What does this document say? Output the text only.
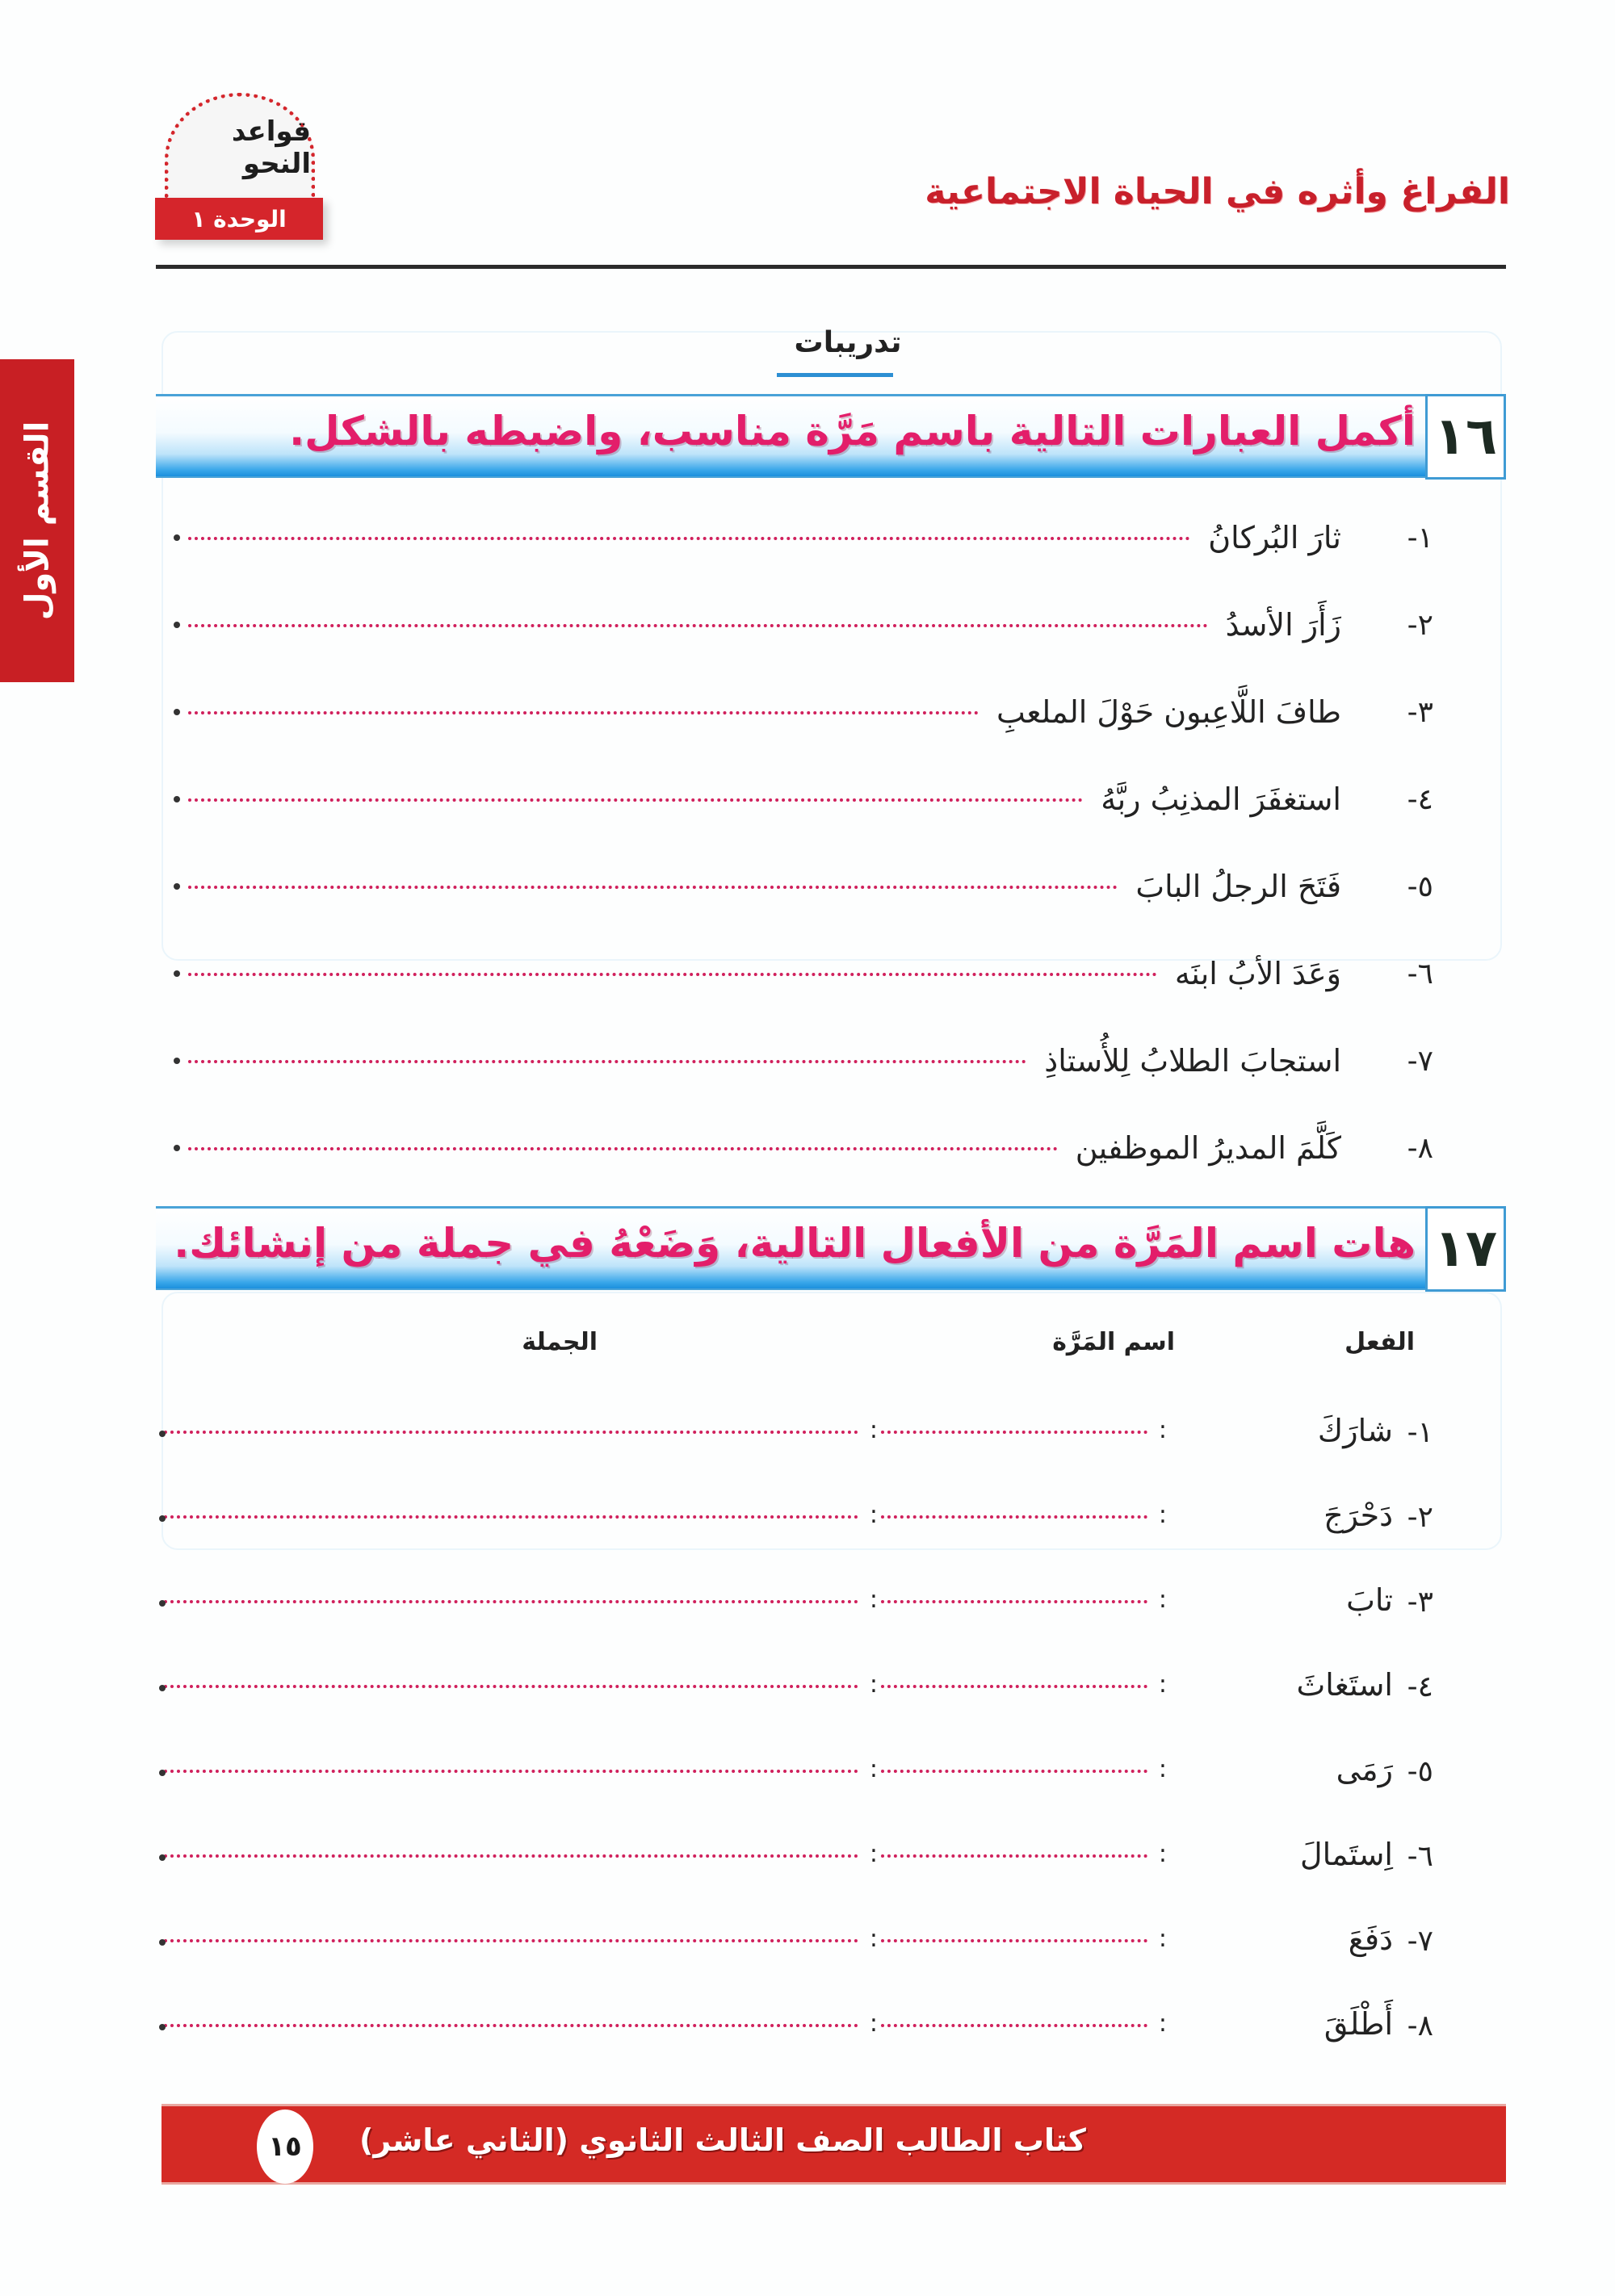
القسم الأول
قواعد النحو
الوحدة ١
الفراغ وأثره في الحياة الاجتماعية
تدريبات
١٦
أكمل العبارات التالية باسم مَرَّة مناسب، واضبطه بالشكل.
١-
ثارَ البُركانُ
٢-
زَأَرَ الأسدُ
٣-
طافَ اللَّاعِبون حَوْلَ الملعبِ
٤-
استغفَرَ المذنِبُ ربَّهُ
٥-
فَتَحَ الرجلُ البابَ
٦-
وَعَدَ الأبُ ابنَه
٧-
استجابَ الطلابُ لِلأُستاذِ
٨-
كَلَّمَ المديرُ الموظفين
١٧
هات اسم المَرَّة من الأفعال التالية، وَضَعْهُ في جملة من إنشائك.
الفعل
اسم المَرَّة
الجملة
١-
شارَكَ
:
:
٢-
دَحْرَجَ
:
:
٣-
تابَ
:
:
٤-
استَغاثَ
:
:
٥-
رَمَى
:
:
٦-
اِستَمالَ
:
:
٧-
دَفَعَ
:
:
٨-
أَطْلَقَ
:
:
١٥	كتاب الطالب الصف الثالث الثانوي (الثاني عاشر)
